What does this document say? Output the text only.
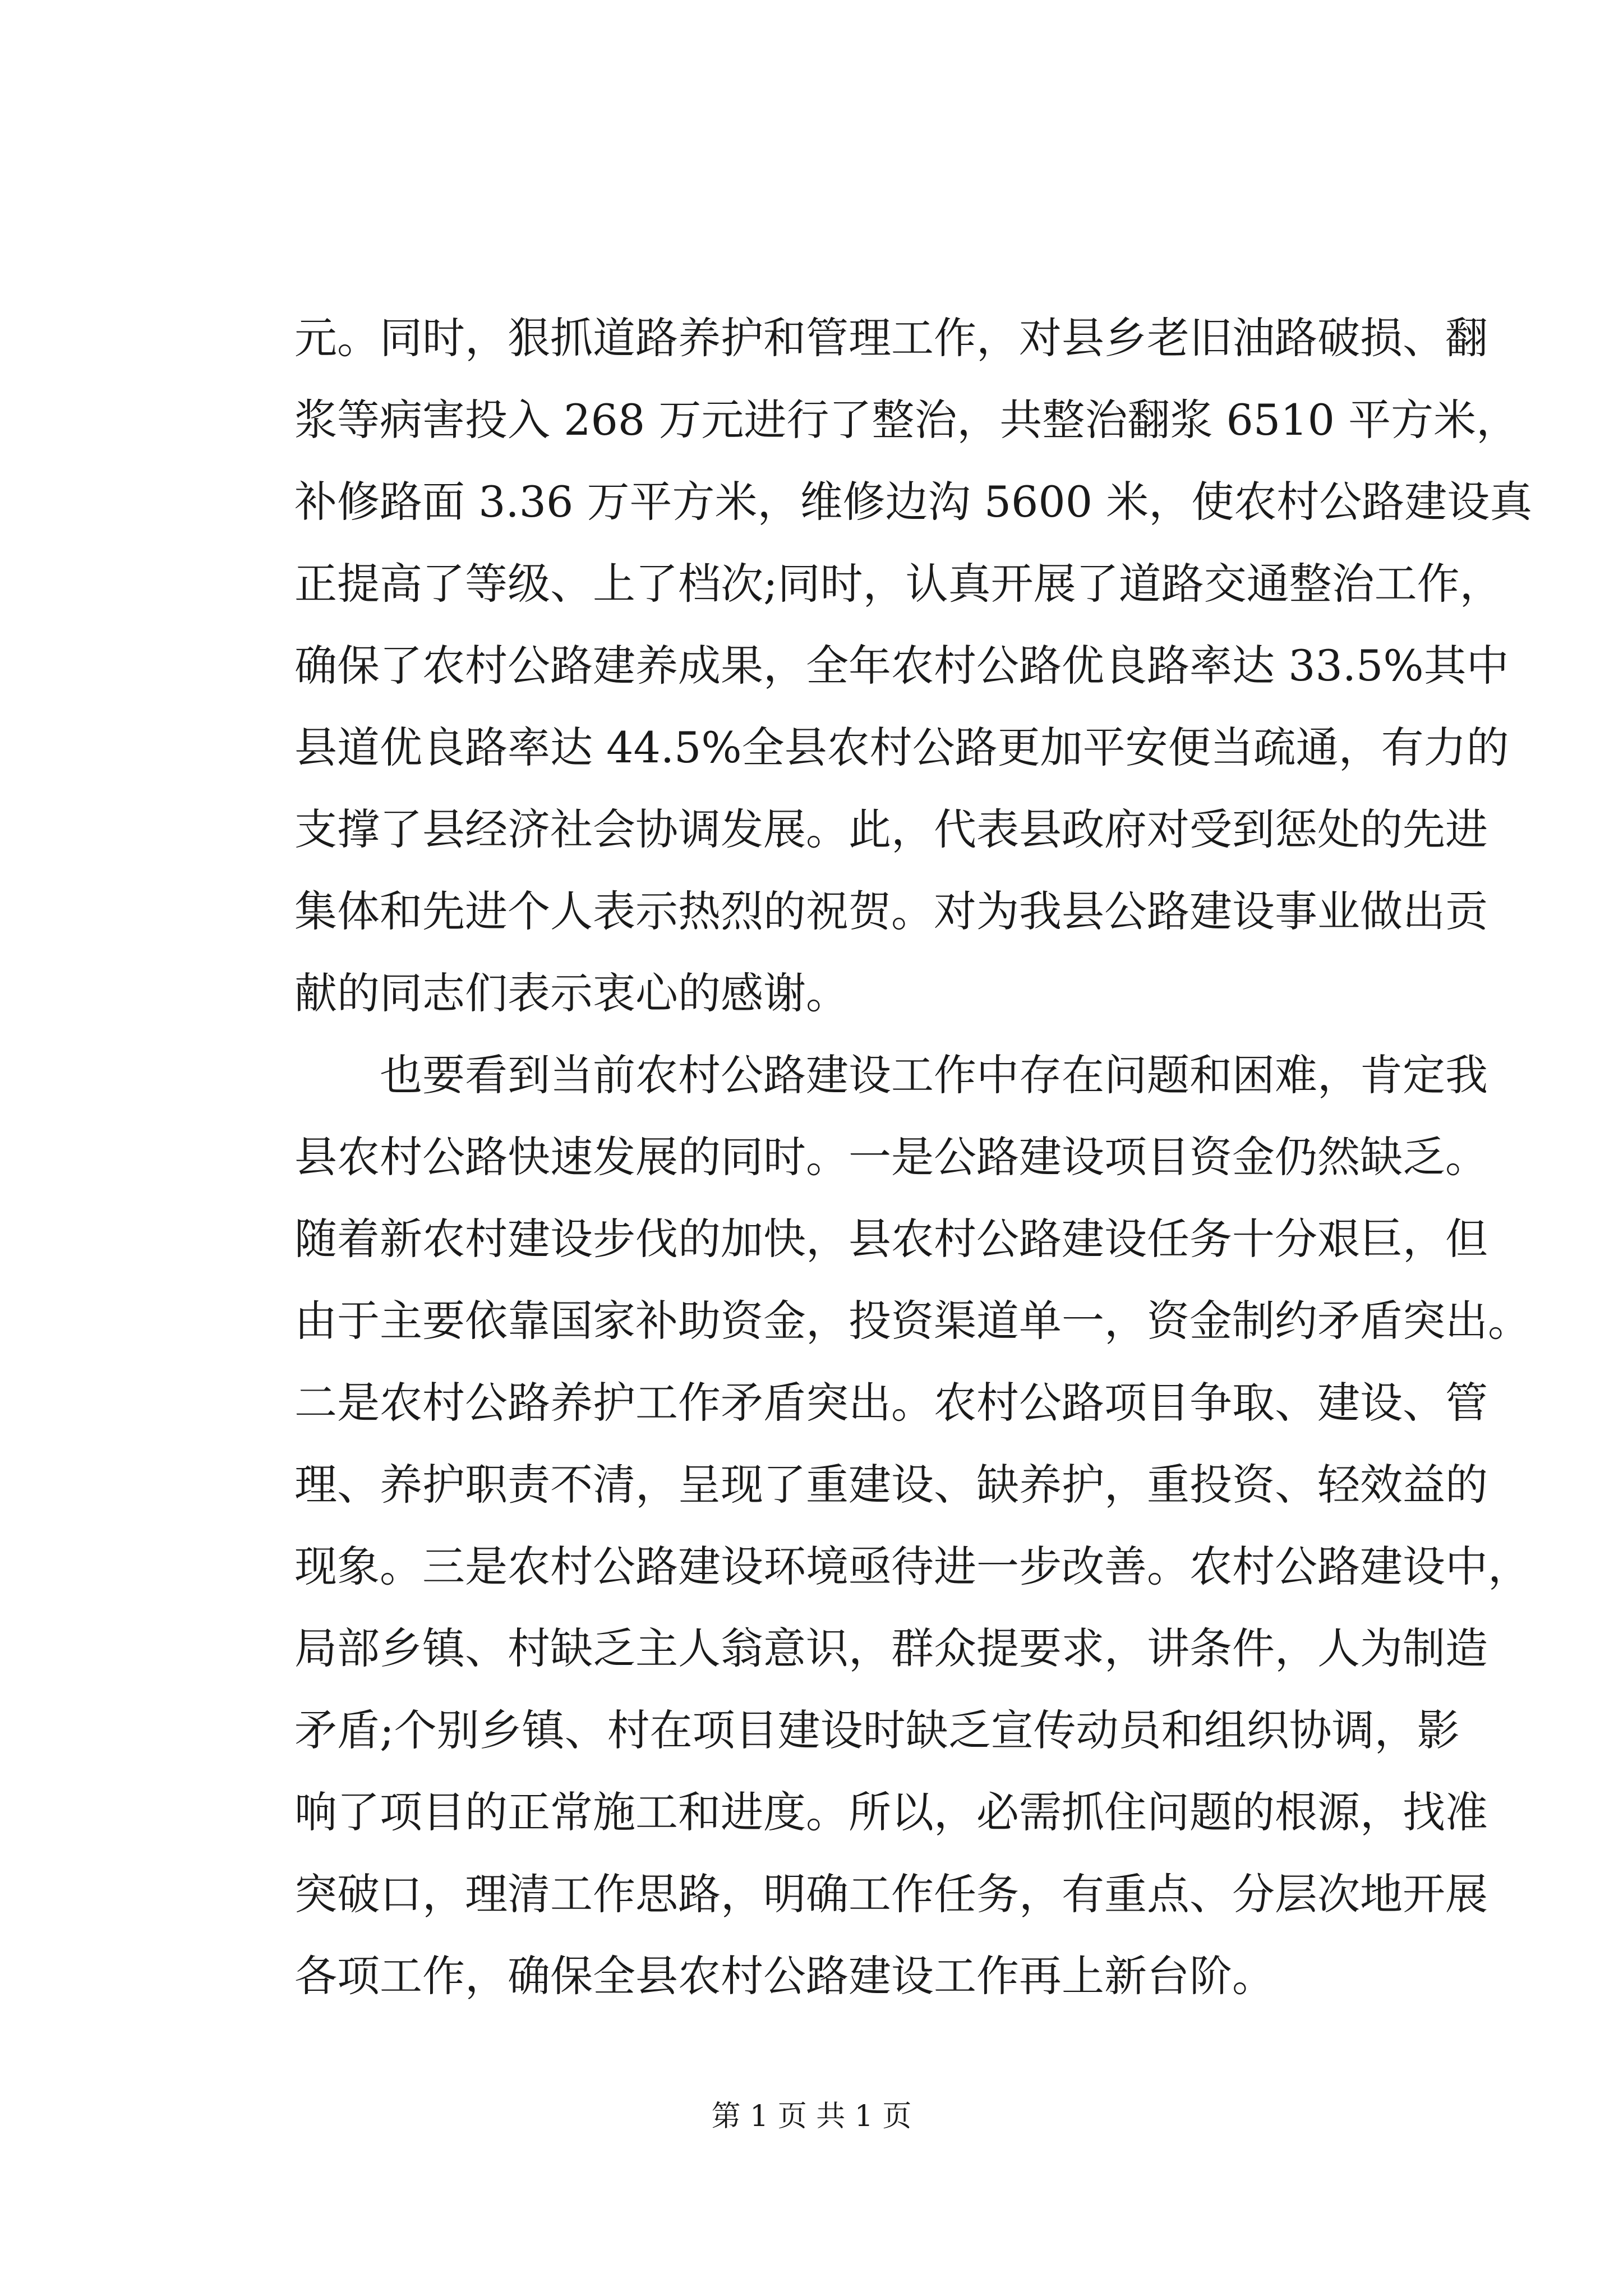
元。同时，狠抓道路养护和管理工作，对县乡老旧油路破损、翻
浆等病害投入 268 万元进行了整治，共整治翻浆 6510 平方米，
补修路面 3.36 万平方米，维修边沟 5600 米，使农村公路建设真
正提高了等级、上了档次;同时，认真开展了道路交通整治工作，
确保了农村公路建养成果，全年农村公路优良路率达 33.5%其中
县道优良路率达 44.5%全县农村公路更加平安便当疏通，有力的
支撑了县经济社会协调发展。此，代表县政府对受到惩处的先进
集体和先进个人表示热烈的祝贺。对为我县公路建设事业做出贡
献的同志们表示衷心的感谢。
也要看到当前农村公路建设工作中存在问题和困难，肯定我
县农村公路快速发展的同时。一是公路建设项目资金仍然缺乏。
随着新农村建设步伐的加快，县农村公路建设任务十分艰巨，但
由于主要依靠国家补助资金，投资渠道单一，资金制约矛盾突出。
二是农村公路养护工作矛盾突出。农村公路项目争取、建设、管
理、养护职责不清，呈现了重建设、缺养护，重投资、轻效益的
现象。三是农村公路建设环境亟待进一步改善。农村公路建设中，
局部乡镇、村缺乏主人翁意识，群众提要求，讲条件，人为制造
矛盾;个别乡镇、村在项目建设时缺乏宣传动员和组织协调，影
响了项目的正常施工和进度。所以，必需抓住问题的根源，找准
突破口，理清工作思路，明确工作任务，有重点、分层次地开展
各项工作，确保全县农村公路建设工作再上新台阶。
第 1 页 共 1 页
